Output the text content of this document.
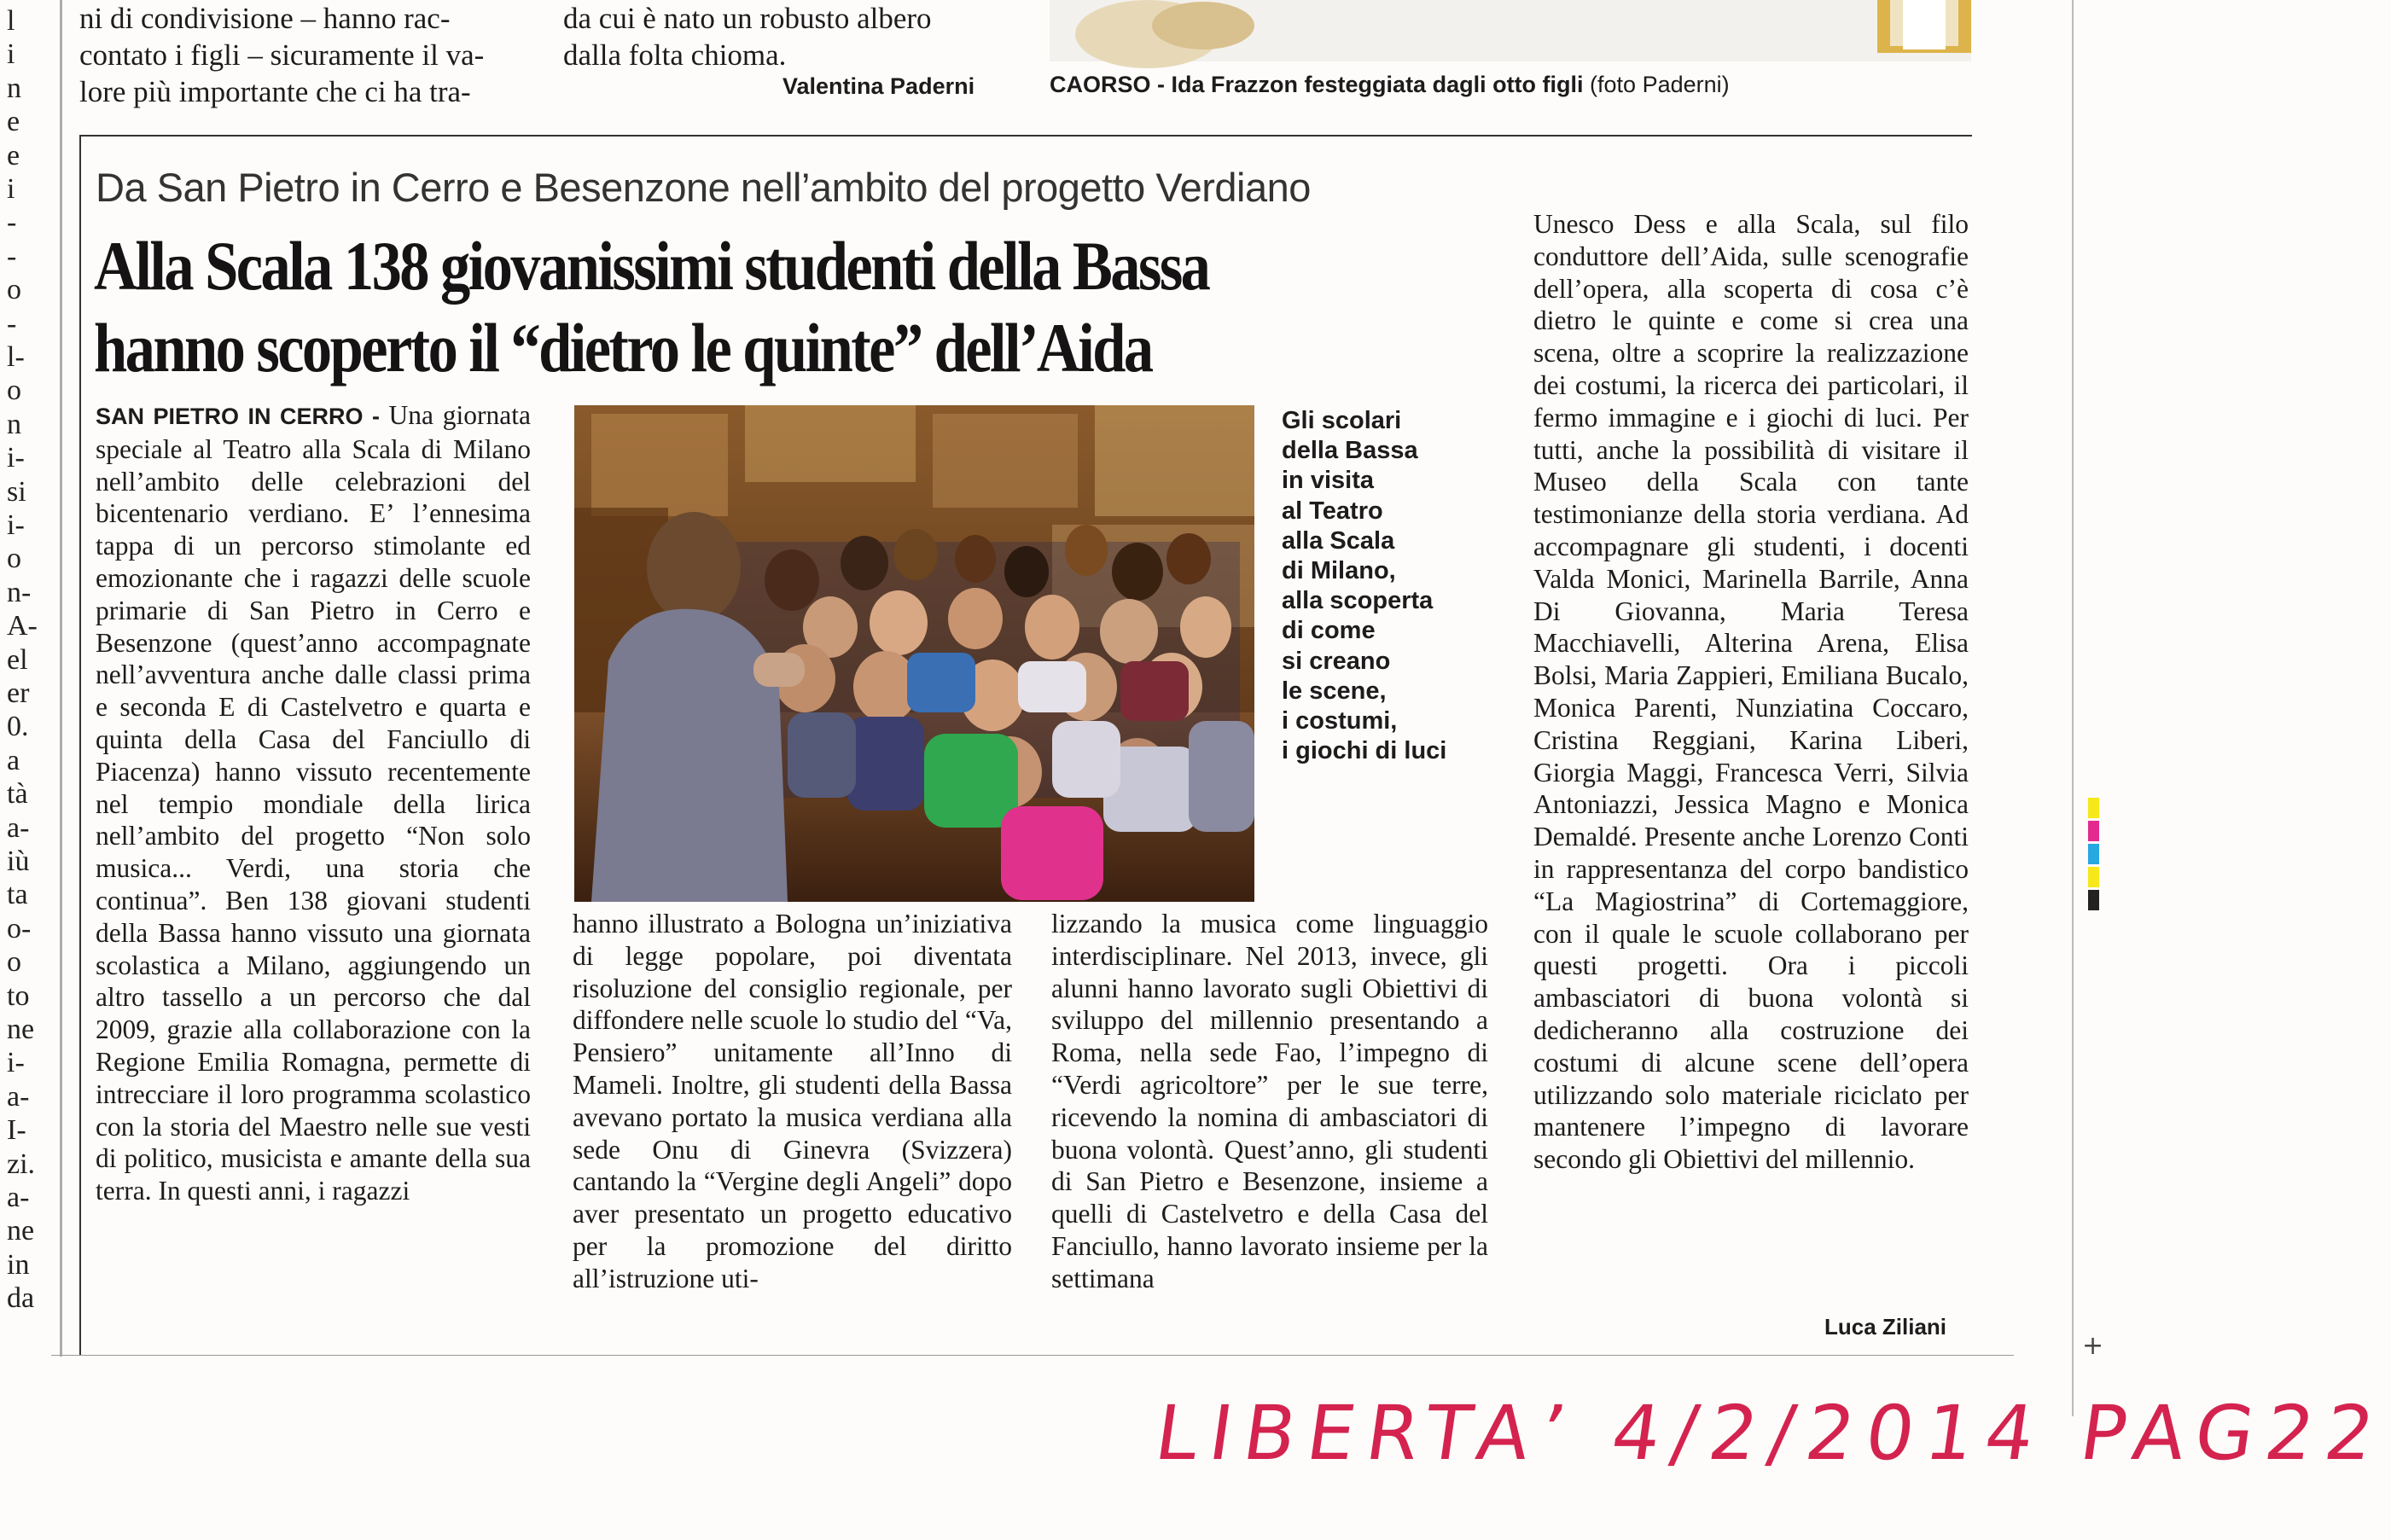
l
i
n
e
e
i
-
-
o
-
l-
o
n
i-
si
i-
o
n-
A-
el
er
0.
a
tà
a-
iù
ta
o-
o
to
ne
i-
a-
I-
zi.
a-
ne
in
da
ni di condivisione – hanno rac-
contato i figli – sicuramente il va-
lore più importante che ci ha tra-
da cui è nato un robusto albero
dalla folta chioma.
Valentina Paderni	CAORSO - Ida Frazzon festeggiata dagli otto figli (foto Paderni)
Da San Pietro in Cerro e Besenzone nell’ambito del progetto Verdiano
Alla Scala 138 giovanissimi studenti della Bassa
hanno scoperto il “dietro le quinte” dell’Aida

SAN PIETRO IN CERRO - Una giornata speciale al Teatro alla Scala di Milano nell’ambito delle celebrazioni del bicentenario verdiano. E’ l’ennesima tappa di un percorso stimolante ed emozionante che i ragazzi delle scuole primarie di San Pietro in Cerro e Besenzone (quest’anno accompagnate nell’avventura anche dalle classi prima e seconda E di Castelvetro e quarta e quinta della Casa del Fanciullo di Piacenza) hanno vissuto recentemente nel tempio mondiale della lirica nell’ambito del progetto “Non solo musica... Verdi, una storia che continua”. Ben 138 giovani studenti della Bassa hanno vissuto una giornata scolastica a Milano, aggiungendo un altro tassello a un percorso che dal 2009, grazie alla collaborazione con la Regione Emilia Romagna, permette di intrecciare il loro programma scolastico con la storia del Maestro nelle sue vesti di politico, musicista e amante della sua terra. In questi anni, i ragazzi

Gli scolari
della Bassa
in visita
al Teatro
alla Scala
di Milano,
alla scoperta
di come
si creano
le scene,
i costumi,
i giochi di luci

hanno illustrato a Bologna un’iniziativa di legge popolare, poi diventata risoluzione del consiglio regionale, per diffondere nelle scuole lo studio del “Va, Pensiero” unitamente all’Inno di Mameli. Inoltre, gli studenti della Bassa avevano portato la musica verdiana alla sede Onu di Ginevra (Svizzera) cantando la “Vergine degli Angeli” dopo aver presentato un progetto educativo per la promozione del diritto all’istruzione uti-

lizzando la musica come linguaggio interdisciplinare. Nel 2013, invece, gli alunni hanno lavorato sugli Obiettivi di sviluppo del millennio presentando a Roma, nella sede Fao, l’impegno di “Verdi agricoltore” per le sue terre, ricevendo la nomina di ambasciatori di buona volontà. Quest’anno, gli studenti di San Pietro e Besenzone, insieme a quelli di Castelvetro e della Casa del Fanciullo, hanno lavorato insieme per la settimana

Unesco Dess e alla Scala, sul filo conduttore dell’Aida, sulle scenografie dell’opera, alla scoperta di cosa c’è dietro le quinte e come si crea una scena, oltre a scoprire la realizzazione dei costumi, la ricerca dei particolari, il fermo immagine e i giochi di luci. Per tutti, anche la possibilità di visitare il Museo della Scala con tante testimonianze della storia verdiana. Ad accompagnare gli studenti, i docenti Valda Monici, Marinella Barrile, Anna Di Giovanna, Maria Teresa Macchiavelli, Alterina Arena, Elisa Bolsi, Maria Zappieri, Emiliana Bucalo, Monica Parenti, Nunziatina Coccaro, Cristina Reggiani, Karina Liberi, Giorgia Maggi, Francesca Verri, Silvia Antoniazzi, Jessica Magno e Monica Demaldé. Presente anche Lorenzo Conti in rappresentanza del corpo bandistico “La Magiostrina” di Cortemaggiore, con il quale le scuole collaborano per questi progetti. Ora i piccoli ambasciatori di buona volontà si dedicheranno alla costruzione dei costumi di alcune scene dell’opera utilizzando solo materiale riciclato per mantenere l’impegno di lavorare secondo gli Obiettivi del millennio.

Luca Ziliani
LIBERTA’ 4/2/2014 PAG22
+
